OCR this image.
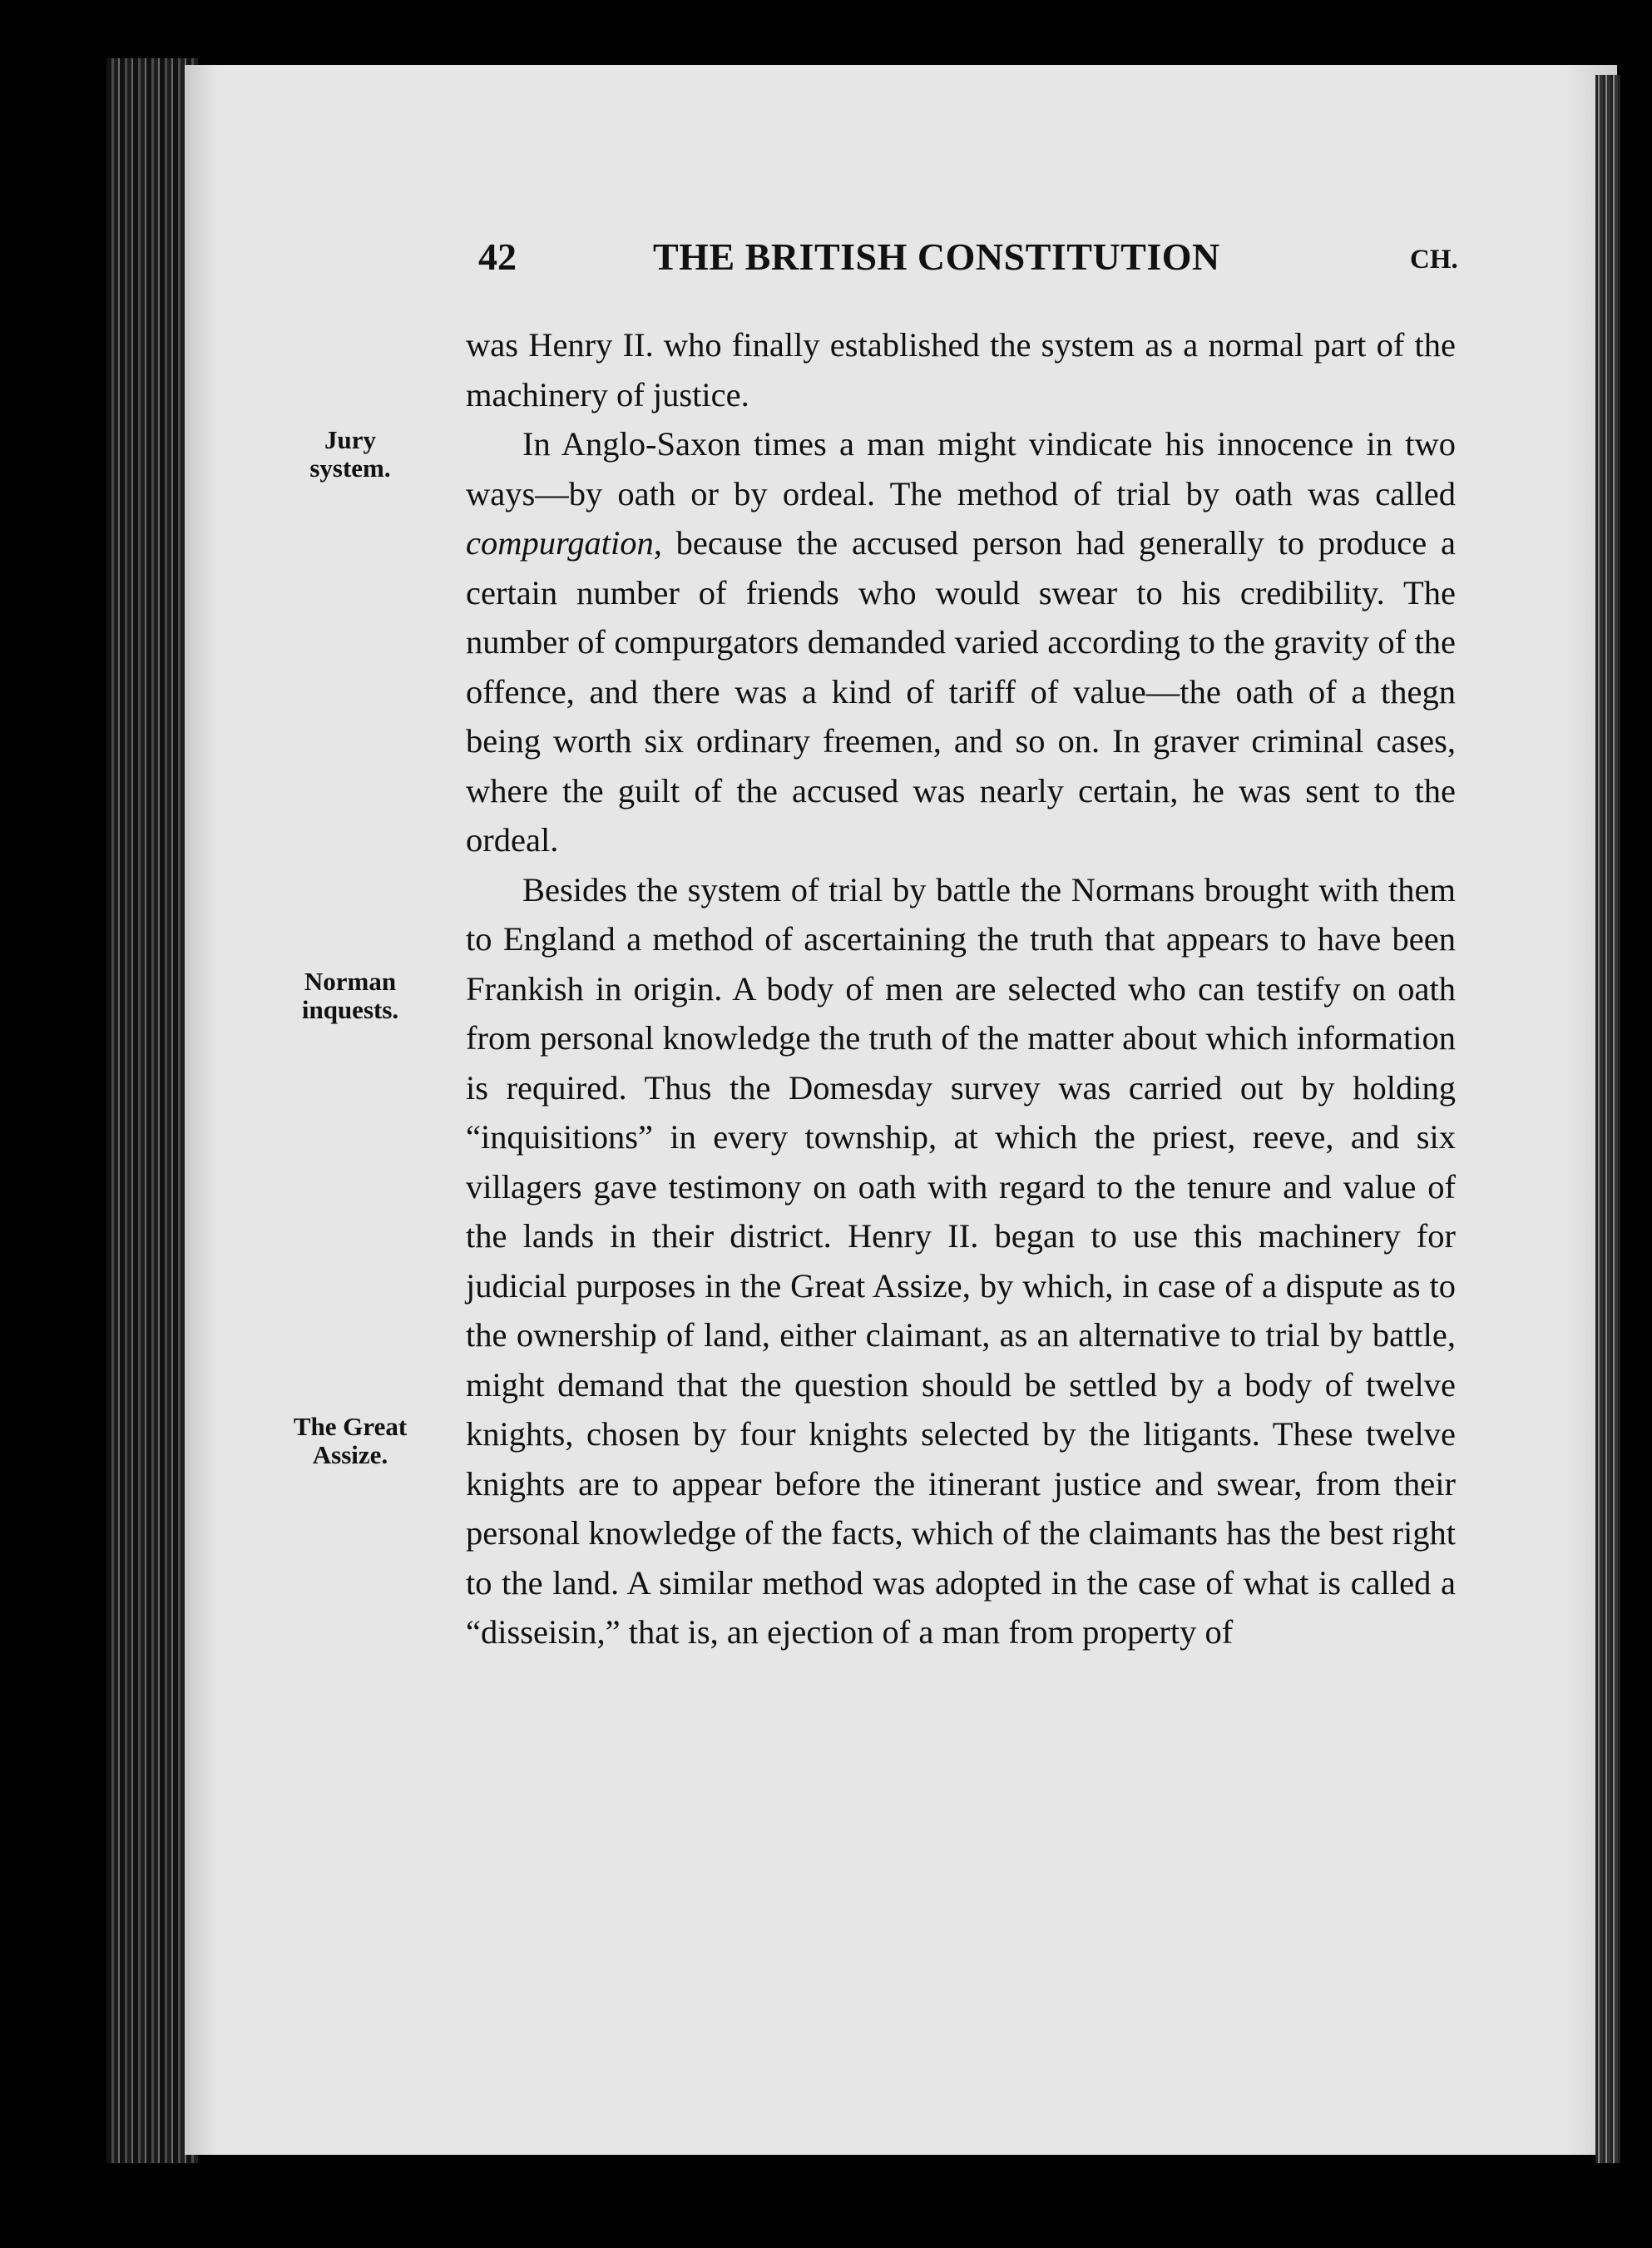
42	THE BRITISH CONSTITUTION	CH.
Jury
system.
Norman
inquests.
The Great
Assize.

was Henry II. who finally established the system as a normal part of the machinery of justice.

In Anglo-Saxon times a man might vindicate his innocence in two ways—by oath or by ordeal. The method of trial by oath was called compurgation, because the accused person had generally to produce a certain number of friends who would swear to his credibility. The number of compurgators demanded varied according to the gravity of the offence, and there was a kind of tariff of value—the oath of a thegn being worth six ordinary freemen, and so on. In graver criminal cases, where the guilt of the accused was nearly certain, he was sent to the ordeal.

Besides the system of trial by battle the Normans brought with them to England a method of ascertaining the truth that appears to have been Frankish in origin. A body of men are selected who can testify on oath from personal knowledge the truth of the matter about which information is required. Thus the Domesday survey was carried out by holding “inquisitions” in every township, at which the priest, reeve, and six villagers gave testimony on oath with regard to the tenure and value of the lands in their district. Henry II. began to use this machinery for judicial purposes in the Great Assize, by which, in case of a dispute as to the ownership of land, either claimant, as an alternative to trial by battle, might demand that the question should be settled by a body of twelve knights, chosen by four knights selected by the litigants. These twelve knights are to appear before the itinerant justice and swear, from their personal knowledge of the facts, which of the claimants has the best right to the land. A similar method was adopted in the case of what is called a “disseisin,” that is, an ejection of a man from property of
